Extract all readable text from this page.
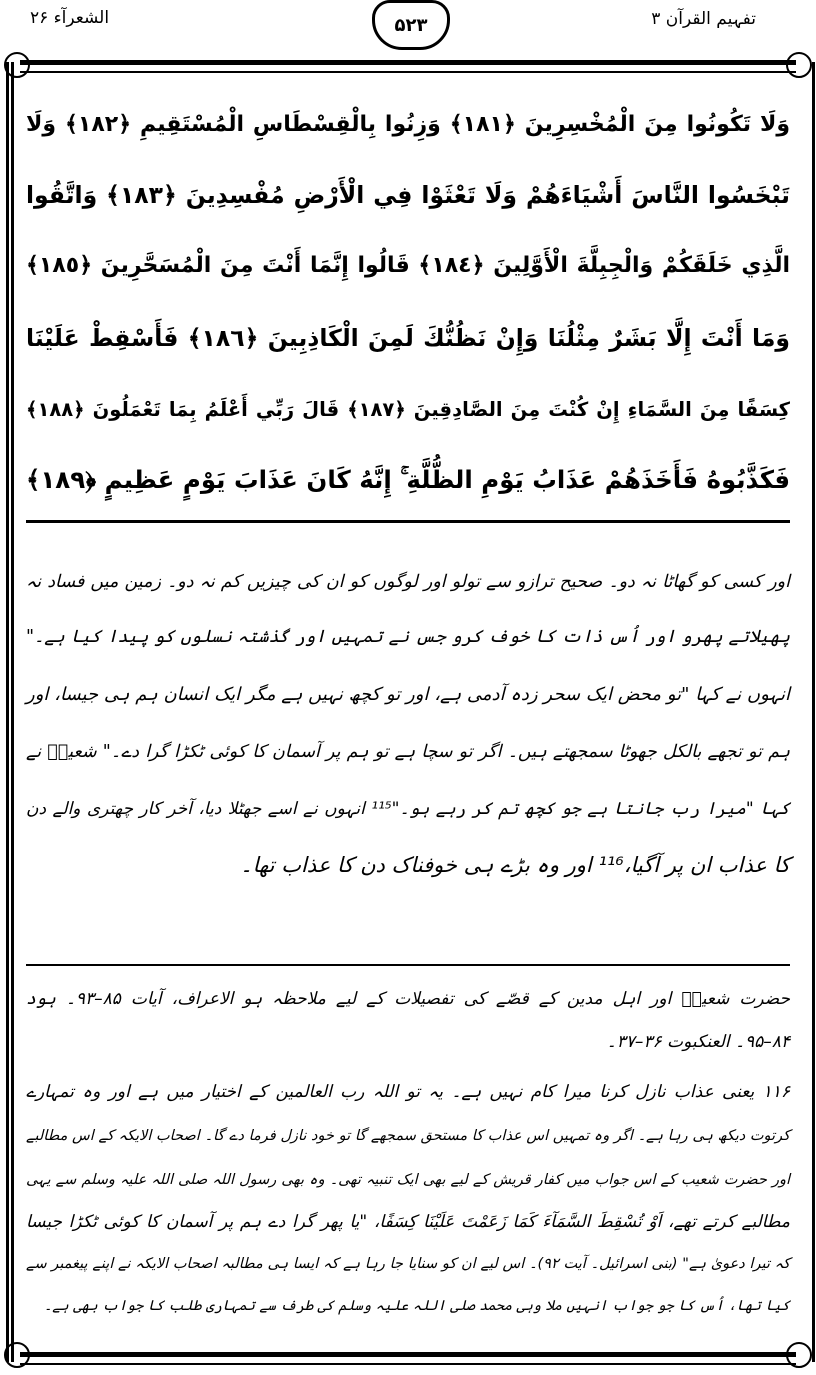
تفہیم القرآن ۳
۵۲۳
الشعرآء ۲۶
وَلَا تَكُونُوا مِنَ الْمُخْسِرِينَ ﴿١٨١﴾ وَزِنُوا بِالْقِسْطَاسِ الْمُسْتَقِيمِ ﴿١٨٢﴾ وَلَا
تَبْخَسُوا النَّاسَ أَشْيَاءَهُمْ وَلَا تَعْثَوْا فِي الْأَرْضِ مُفْسِدِينَ ﴿١٨٣﴾ وَاتَّقُوا
الَّذِي خَلَقَكُمْ وَالْجِبِلَّةَ الْأَوَّلِينَ ﴿١٨٤﴾ قَالُوا إِنَّمَا أَنْتَ مِنَ الْمُسَحَّرِينَ ﴿١٨٥﴾
وَمَا أَنْتَ إِلَّا بَشَرٌ مِثْلُنَا وَإِنْ نَظُنُّكَ لَمِنَ الْكَاذِبِينَ ﴿١٨٦﴾ فَأَسْقِطْ عَلَيْنَا
كِسَفًا مِنَ السَّمَاءِ إِنْ كُنْتَ مِنَ الصَّادِقِينَ ﴿١٨٧﴾ قَالَ رَبِّي أَعْلَمُ بِمَا تَعْمَلُونَ ﴿١٨٨﴾
فَكَذَّبُوهُ فَأَخَذَهُمْ عَذَابُ يَوْمِ الظُّلَّةِ ۚ إِنَّهُ كَانَ عَذَابَ يَوْمٍ عَظِيمٍ ﴿١٨٩﴾
اور کسی کو گھاٹا نہ دو۔ صحیح ترازو سے تولو اور لوگوں کو ان کی چیزیں کم نہ دو۔ زمین میں فساد نہ
پھیلاتے پھرو اور اُس ذات کا خوف کرو جس نے تمہیں اور گذشتہ نسلوں کو پیدا کیا ہے۔"
انہوں نے کہا "تو محض ایک سحر زدہ آدمی ہے، اور تو کچھ نہیں ہے مگر ایک انسان ہم ہی جیسا، اور
ہم تو تجھے بالکل جھوٹا سمجھتے ہیں۔ اگر تو سچا ہے تو ہم پر آسمان کا کوئی ٹکڑا گرا دے۔" شعیبؑ نے
کہا "میرا رب جانتا ہے جو کچھ تم کر رہے ہو۔"¹¹⁵ انہوں نے اسے جھٹلا دیا، آخر کار چھتری والے دن
کا عذاب ان پر آگیا،¹¹⁶ اور وہ بڑے ہی خوفناک دن کا عذاب تھا۔
حضرت شعیبؑ اور اہل مدین کے قصّے کی تفصیلات کے لیے ملاحظہ ہو الاعراف، آیات ۸۵–۹۳۔ ہود
۸۴–۹۵۔ العنکبوت ۳۶–۳۷۔
۱۱۶ یعنی عذاب نازل کرنا میرا کام نہیں ہے۔ یہ تو اللہ رب العالمین کے اختیار میں ہے اور وہ تمہارے
کرتوت دیکھ ہی رہا ہے۔ اگر وہ تمہیں اس عذاب کا مستحق سمجھے گا تو خود نازل فرما دے گا۔ اصحاب الایکہ کے اس مطالبے
اور حضرت شعیب کے اس جواب میں کفار قریش کے لیے بھی ایک تنبیہ تھی۔ وہ بھی رسول اللہ صلی اللہ علیہ وسلم سے یہی
مطالبے کرتے تھے، اَوْ تُسْقِطَ السَّمَآءَ كَمَا زَعَمْتَ عَلَيْنَا كِسَفًا، "یا پھر گرا دے ہم پر آسمان کا کوئی ٹکڑا جیسا
کہ تیرا دعویٰ ہے" (بنی اسرائیل۔ آیت ۹۲)۔ اس لیے ان کو سنایا جا رہا ہے کہ ایسا ہی مطالبہ اصحاب الایکہ نے اپنے پیغمبر سے
کیا تھا، اُس کا جو جواب انہیں ملا وہی محمد صلی اللہ علیہ وسلم کی طرف سے تمہاری طلب کا جواب بھی ہے۔
